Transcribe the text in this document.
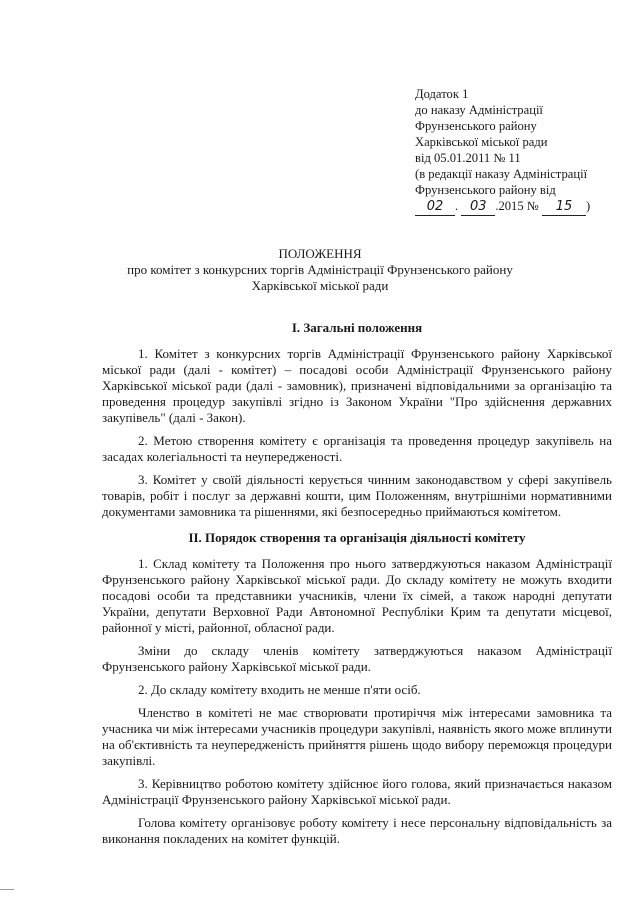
Додаток 1
до наказу Адміністрації
Фрунзенського району
Харківської міської ради
від 05.01.2011 № 11
(в редакції наказу Адміністрації
Фрунзенського району від
02 . 03 .2015 № 15 )
ПОЛОЖЕННЯ
про комітет з конкурсних торгів Адміністрації Фрунзенського району
Харківської міської ради
І. Загальні положення

1. Комітет з конкурсних торгів Адміністрації Фрунзенського району Харківської міської ради (далі - комітет) – посадові особи Адміністрації Фрунзенського району Харківської міської ради (далі - замовник), призначені відповідальними за організацію та проведення процедур закупівлі згідно із Законом України "Про здійснення державних закупівель" (далі - Закон).

2. Метою створення комітету є організація та проведення процедур закупівель на засадах колегіальності та неупередженості.

3. Комітет у своїй діяльності керується чинним законодавством у сфері закупівель товарів, робіт і послуг за державні кошти, цим Положенням, внутрішніми нормативними документами замовника та рішеннями, які безпосередньо приймаються комітетом.

ІІ. Порядок створення та організація діяльності комітету

1. Склад комітету та Положення про нього затверджуються наказом Адміністрації Фрунзенського району Харківської міської ради. До складу комітету не можуть входити посадові особи та представники учасників, члени їх сімей, а також народні депутати України, депутати Верховної Ради Автономної Республіки Крим та депутати місцевої, районної у місті, районної, обласної ради.

Зміни до складу членів комітету затверджуються наказом Адміністрації Фрунзенського району Харківської міської ради.

2. До складу комітету входить не менше п'яти осіб.

Членство в комітеті не має створювати протиріччя між інтересами замовника та учасника чи між інтересами учасників процедури закупівлі, наявність якого може вплинути на об'єктивність та неупередженість прийняття рішень щодо вибору переможця процедури закупівлі.

3. Керівництво роботою комітету здійснює його голова, який призначається наказом Адміністрації Фрунзенського району Харківської міської ради.

Голова комітету організовує роботу комітету і несе персональну відповідальність за виконання покладених на комітет функцій.
